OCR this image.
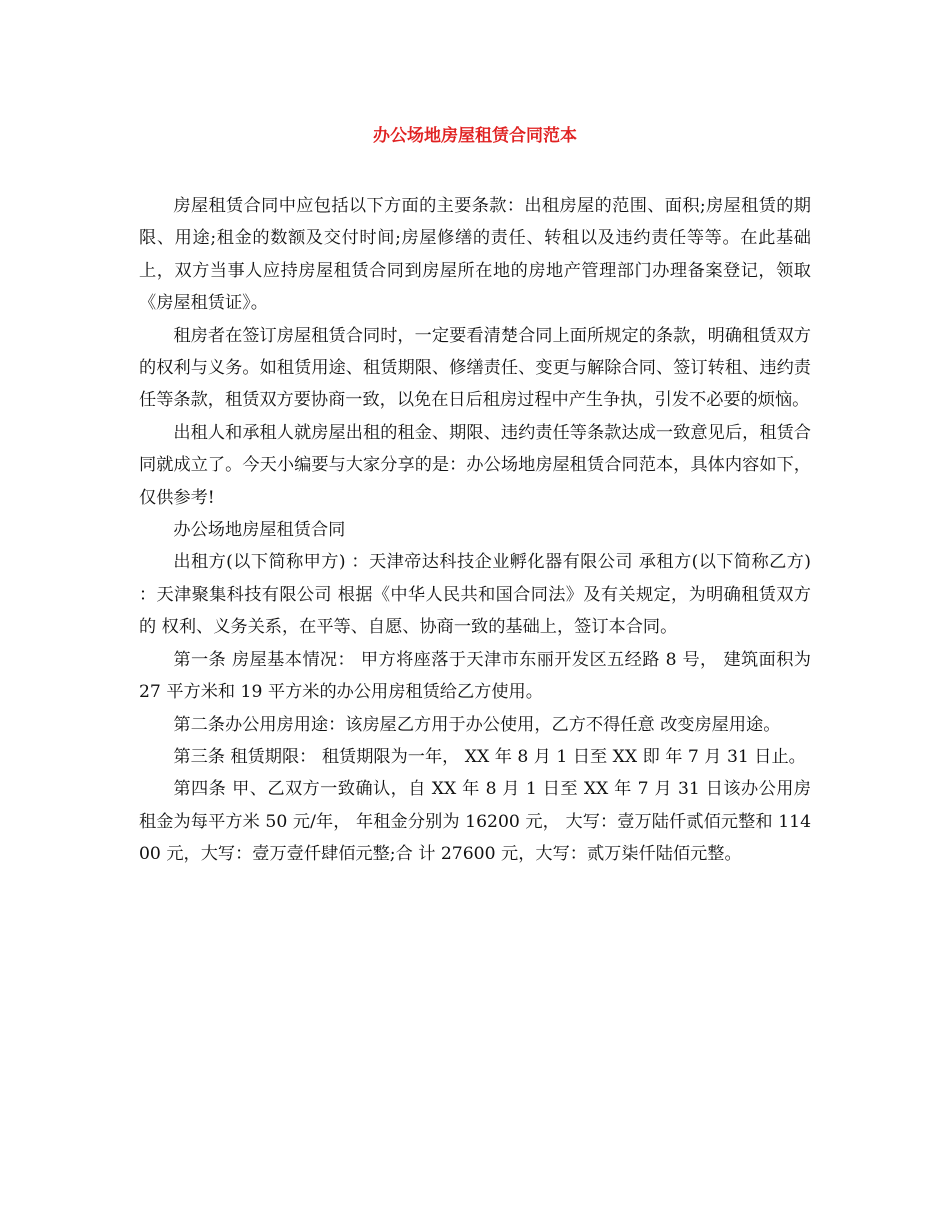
办公场地房屋租赁合同范本

房屋租赁合同中应包括以下方面的主要条款：出租房屋的范围、面积;房屋租赁的期限、用途;租金的数额及交付时间;房屋修缮的责任、转租以及违约责任等等。在此基础上，双方当事人应持房屋租赁合同到房屋所在地的房地产管理部门办理备案登记，领取《房屋租赁证》。

租房者在签订房屋租赁合同时，一定要看清楚合同上面所规定的条款，明确租赁双方的权利与义务。如租赁用途、租赁期限、修缮责任、变更与解除合同、签订转租、违约责任等条款，租赁双方要协商一致，以免在日后租房过程中产生争执，引发不必要的烦恼。

出租人和承租人就房屋出租的租金、期限、违约责任等条款达成一致意见后，租赁合同就成立了。今天小编要与大家分享的是：办公场地房屋租赁合同范本，具体内容如下，仅供参考!

办公场地房屋租赁合同

出租方(以下简称甲方) ：天津帝达科技企业孵化器有限公司 承租方(以下简称乙方) ：天津聚集科技有限公司 根据《中华人民共和国合同法》及有关规定，为明确租赁双方的 权利、义务关系，在平等、自愿、协商一致的基础上，签订本合同。

第一条 房屋基本情况： 甲方将座落于天津市东丽开发区五经路 8 号， 建筑面积为 27 平方米和 19 平方米的办公用房租赁给乙方使用。

第二条办公用房用途：该房屋乙方用于办公使用，乙方不得任意 改变房屋用途。

第三条 租赁期限： 租赁期限为一年， XX 年 8 月 1 日至 XX 即 年 7 月 31 日止。

第四条 甲、乙双方一致确认，自 XX 年 8 月 1 日至 XX 年 7 月 31 日该办公用房租金为每平方米 50 元/年， 年租金分别为 16200 元， 大写：壹万陆仟贰佰元整和 11400 元，大写：壹万壹仟肆佰元整;合 计 27600 元，大写：贰万柒仟陆佰元整。
